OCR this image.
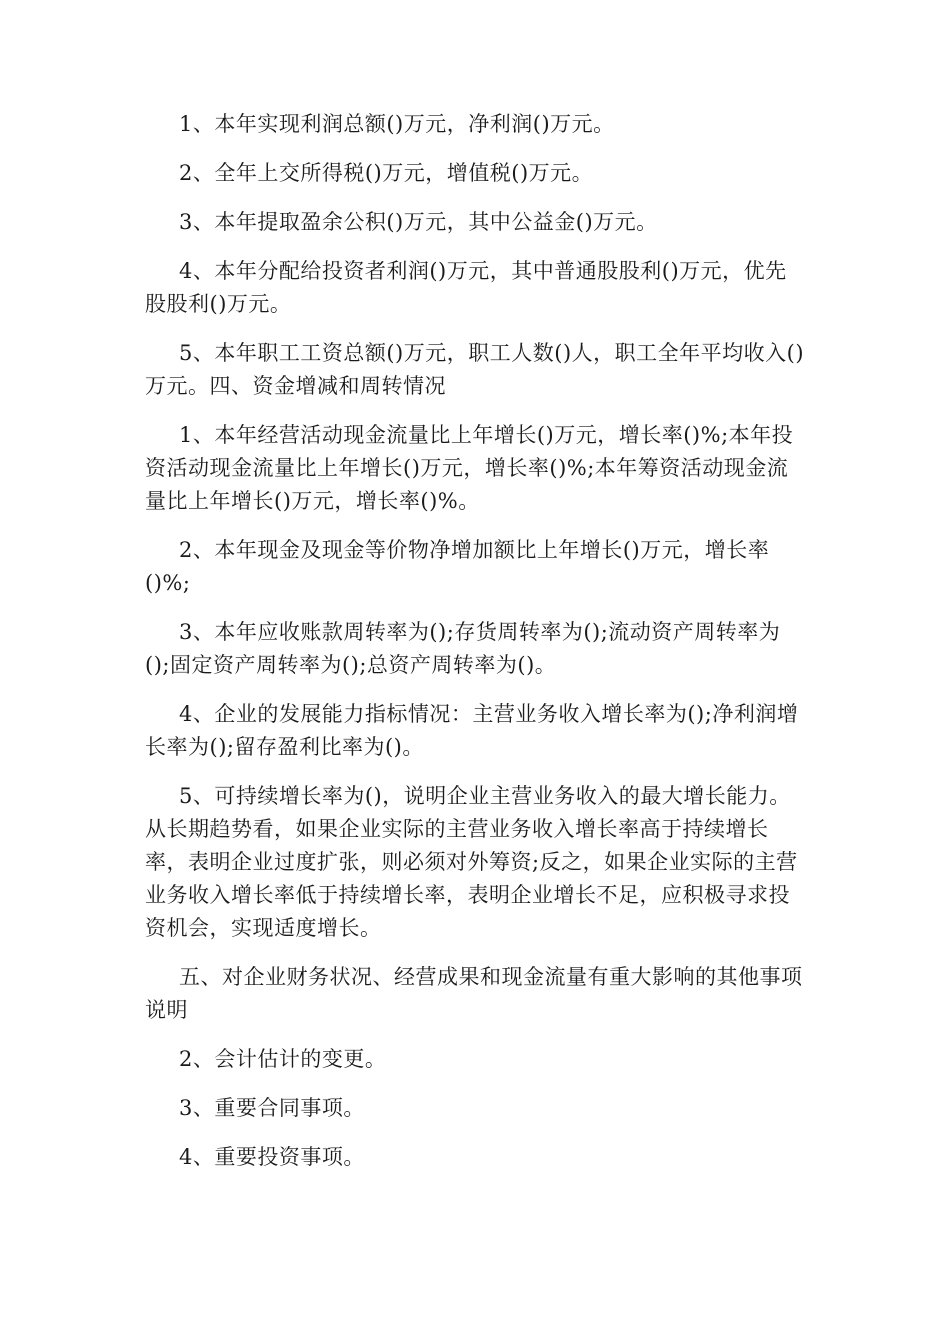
1、本年实现利润总额()万元，净利润()万元。

2、全年上交所得税()万元，增值税()万元。

3、本年提取盈余公积()万元，其中公益金()万元。

4、本年分配给投资者利润()万元，其中普通股股利()万元，优先股股利()万元。

5、本年职工工资总额()万元，职工人数()人，职工全年平均收入()万元。四、资金增减和周转情况

1、本年经营活动现金流量比上年增长()万元，增长率()%;本年投资活动现金流量比上年增长()万元，增长率()%;本年筹资活动现金流量比上年增长()万元，增长率()%。

2、本年现金及现金等价物净增加额比上年增长()万元，增长率()%;

3、本年应收账款周转率为();存货周转率为();流动资产周转率为();固定资产周转率为();总资产周转率为()。

4、企业的发展能力指标情况：主营业务收入增长率为();净利润增长率为();留存盈利比率为()。

5、可持续增长率为()，说明企业主营业务收入的最大增长能力。从长期趋势看，如果企业实际的主营业务收入增长率高于持续增长率，表明企业过度扩张，则必须对外筹资;反之，如果企业实际的主营业务收入增长率低于持续增长率，表明企业增长不足，应积极寻求投资机会，实现适度增长。

五、对企业财务状况、经营成果和现金流量有重大影响的其他事项说明

2、会计估计的变更。

3、重要合同事项。

4、重要投资事项。
